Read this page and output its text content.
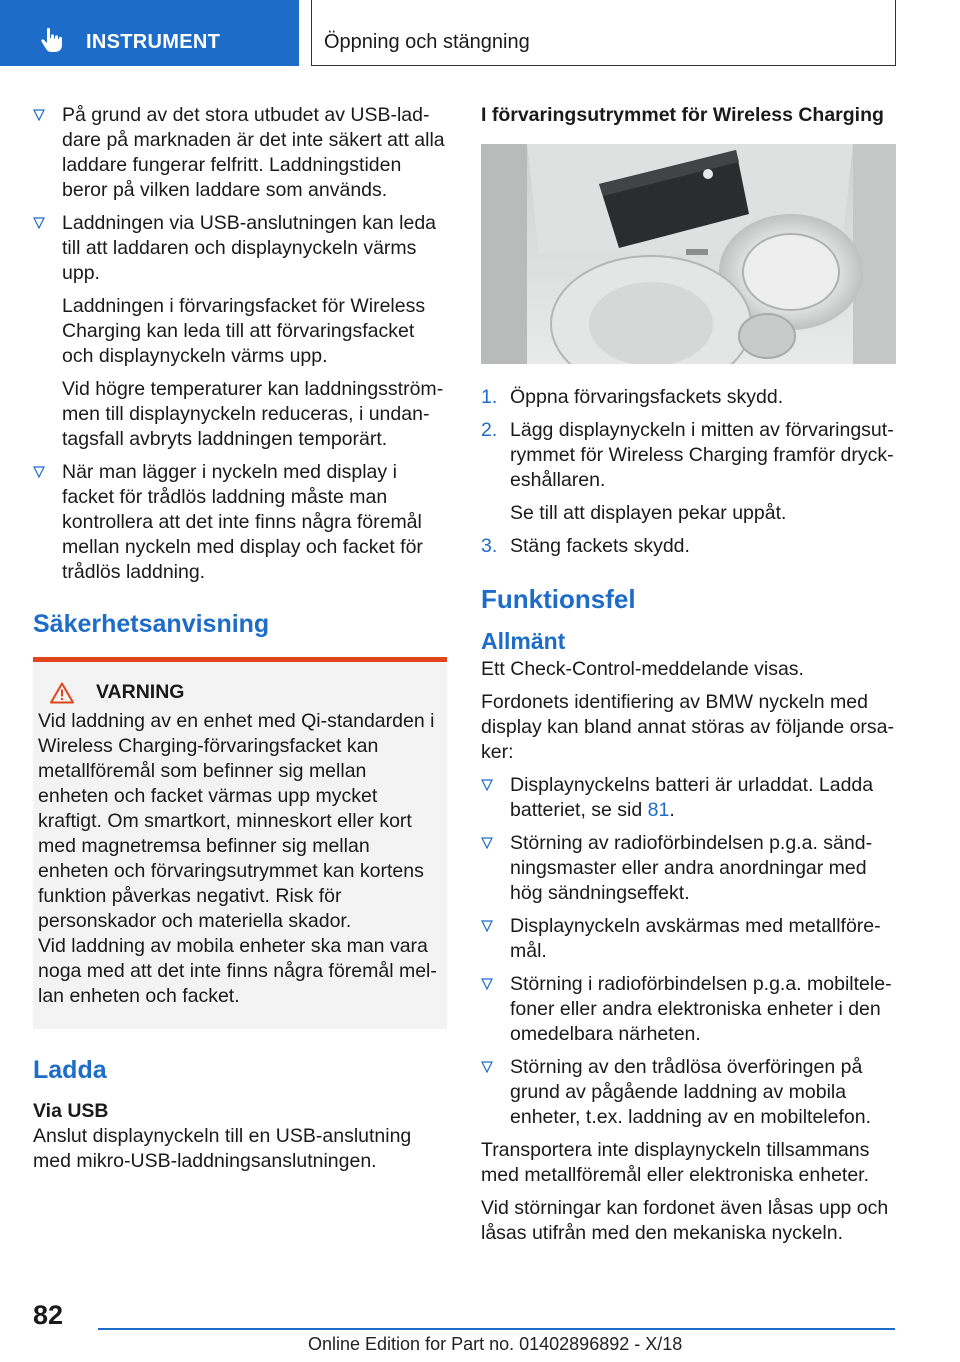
INSTRUMENT	Öppning och stängning
På grund av det stora utbudet av USB-laddare på marknaden är det inte säkert att alla laddare fungerar felfritt. Laddningstiden beror på vilken laddare som används.
Laddningen via USB-anslutningen kan leda till att laddaren och displaynyckeln värms upp.
Laddningen i förvaringsfacket för Wireless Charging kan leda till att förvaringsfacket och displaynyckeln värms upp.
Vid högre temperaturer kan laddningsströmmen till displaynyckeln reduceras, i undantagsfall avbryts laddningen temporärt.
När man lägger i nyckeln med display i facket för trådlös laddning måste man kontrollera att det inte finns några föremål mellan nyckeln med display och facket för trådlös laddning.
Säkerhetsanvisning
VARNING

Vid laddning av en enhet med Qi-standarden i Wireless Charging-förvaringsfacket kan metallföremål som befinner sig mellan enheten och facket värmas upp mycket kraftigt. Om smartkort, minneskort eller kort med magnetremsa befinner sig mellan enheten och förvaringsutrymmet kan kortens funktion påverkas negativt. Risk för personskador och materiella skador.

Vid laddning av mobila enheter ska man vara noga med att det inte finns några föremål mellan enheten och facket.

Ladda
Via USB

Anslut displaynyckeln till en USB-anslutning med mikro-USB-laddningsanslutningen.

I förvaringsutrymmet för Wireless Charging
1. Öppna förvaringsfackets skydd.
2. Lägg displaynyckeln i mitten av förvaringsutrymmet för Wireless Charging framför dryckeshållaren.
Se till att displayen pekar uppåt.
3. Stäng fackets skydd.
Funktionsfel
Allmänt

Ett Check-Control-meddelande visas.

Fordonets identifiering av BMW nyckeln med display kan bland annat störas av följande orsaker:

Displaynyckelns batteri är urladdat. Ladda batteriet, se sid 81.
Störning av radioförbindelsen p.g.a. sändningsmaster eller andra anordningar med hög sändningseffekt.
Displaynyckeln avskärmas med metallföremål.
Störning i radioförbindelsen p.g.a. mobiltelefoner eller andra elektroniska enheter i den omedelbara närheten.
Störning av den trådlösa överföringen på grund av pågående laddning av mobila enheter, t.ex. laddning av en mobiltelefon.

Transportera inte displaynyckeln tillsammans med metallföremål eller elektroniska enheter.

Vid störningar kan fordonet även låsas upp och låsas utifrån med den mekaniska nyckeln.

82
Online Edition for Part no. 01402896892 - X/18
